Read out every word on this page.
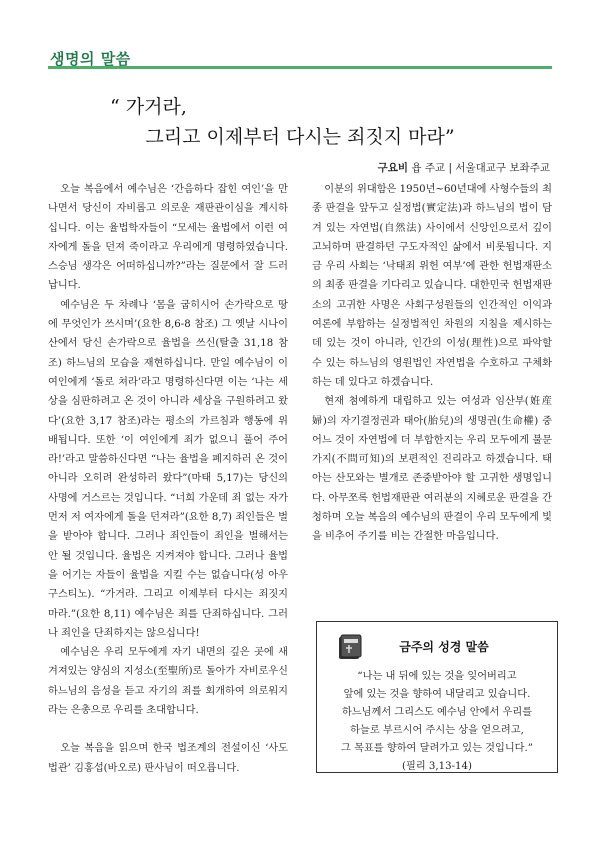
생명의 말씀
“ 가거라,
그리고 이제부터 다시는 죄짓지 마라”
구요비 욥 주교 | 서울대교구 보좌주교

오늘 복음에서 예수님은 ‘간음하다 잡힌 여인’을 만나면서 당신이 자비롭고 의로운 재판관이심을 계시하십니다. 이는 율법학자들이 “모세는 율법에서 이런 여자에게 돌을 던져 죽이라고 우리에게 명령하였습니다. 스승님 생각은 어떠하십니까?”라는 질문에서 잘 드러납니다.

예수님은 두 차례나 ‘몸을 굽히시어 손가락으로 땅에 무엇인가 쓰시며’(요한 8,6-8 참조) 그 옛날 시나이 산에서 당신 손가락으로 율법을 쓰신(탈출 31,18 참조) 하느님의 모습을 재현하십니다. 만일 예수님이 이 여인에게 ‘돌로 쳐라’라고 명령하신다면 이는 ‘나는 세상을 심판하려고 온 것이 아니라 세상을 구원하려고 왔다’(요한 3,17 참조)라는 평소의 가르침과 행동에 위배됩니다. 또한 ‘이 여인에게 죄가 없으니 풀어 주어라!’라고 말씀하신다면 “나는 율법을 폐지하러 온 것이 아니라 오히려 완성하러 왔다”(마태 5,17)는 당신의 사명에 거스르는 것입니다. “너희 가운데 죄 없는 자가 먼저 저 여자에게 돌을 던져라”(요한 8,7) 죄인들은 벌을 받아야 합니다. 그러나 죄인들이 죄인을 벌해서는 안 될 것입니다. 율법은 지켜져야 합니다. 그러나 율법을 어기는 자들이 율법을 지킬 수는 없습니다(성 아우구스티노). “가거라. 그리고 이제부터 다시는 죄짓지 마라.”(요한 8,11) 예수님은 죄를 단죄하십니다. 그러나 죄인을 단죄하지는 않으십니다!

예수님은 우리 모두에게 자기 내면의 깊은 곳에 새겨져있는 양심의 지성소(至聖所)로 돌아가 자비로우신 하느님의 음성을 듣고 자기의 죄를 회개하여 의로워지라는 은총으로 우리를 초대합니다.

오늘 복음을 읽으며 한국 법조계의 전설이신 ‘사도법관’ 김홍섭(바오로) 판사님이 떠오릅니다.

이분의 위대함은 1950년~60년대에 사형수들의 최종 판결을 앞두고 실정법(實定法)과 하느님의 법이 담겨 있는 자연법(自然法) 사이에서 신앙인으로서 깊이 고뇌하며 판결하던 구도자적인 삶에서 비롯됩니다. 지금 우리 사회는 ‘낙태죄 위헌 여부’에 관한 헌법재판소의 최종 판결을 기다리고 있습니다. 대한민국 헌법재판소의 고귀한 사명은 사회구성원들의 인간적인 이익과 여론에 부합하는 실정법적인 차원의 지침을 제시하는 데 있는 것이 아니라, 인간의 이성(理性)으로 파악할 수 있는 하느님의 영원법인 자연법을 수호하고 구체화하는 데 있다고 하겠습니다.

현재 첨예하게 대립하고 있는 여성과 임산부(姙産婦)의 자기결정권과 태아(胎兒)의 생명권(生命權) 중 어느 것이 자연법에 더 부합한지는 우리 모두에게 불문가지(不問可知)의 보편적인 진리라고 하겠습니다. 태아는 산모와는 별개로 존중받아야 할 고귀한 생명입니다. 아무쪼록 헌법재판관 여러분의 지혜로운 판결을 간청하며 오늘 복음의 예수님의 판결이 우리 모두에게 빛을 비추어 주기를 비는 간절한 마음입니다.

금주의 성경 말씀
“나는 내 뒤에 있는 것을 잊어버리고
앞에 있는 것을 향하여 내달리고 있습니다.
하느님께서 그리스도 예수님 안에서 우리를
하늘로 부르시어 주시는 상을 얻으려고,
그 목표를 향하여 달려가고 있는 것입니다.”
(필리 3,13-14)
